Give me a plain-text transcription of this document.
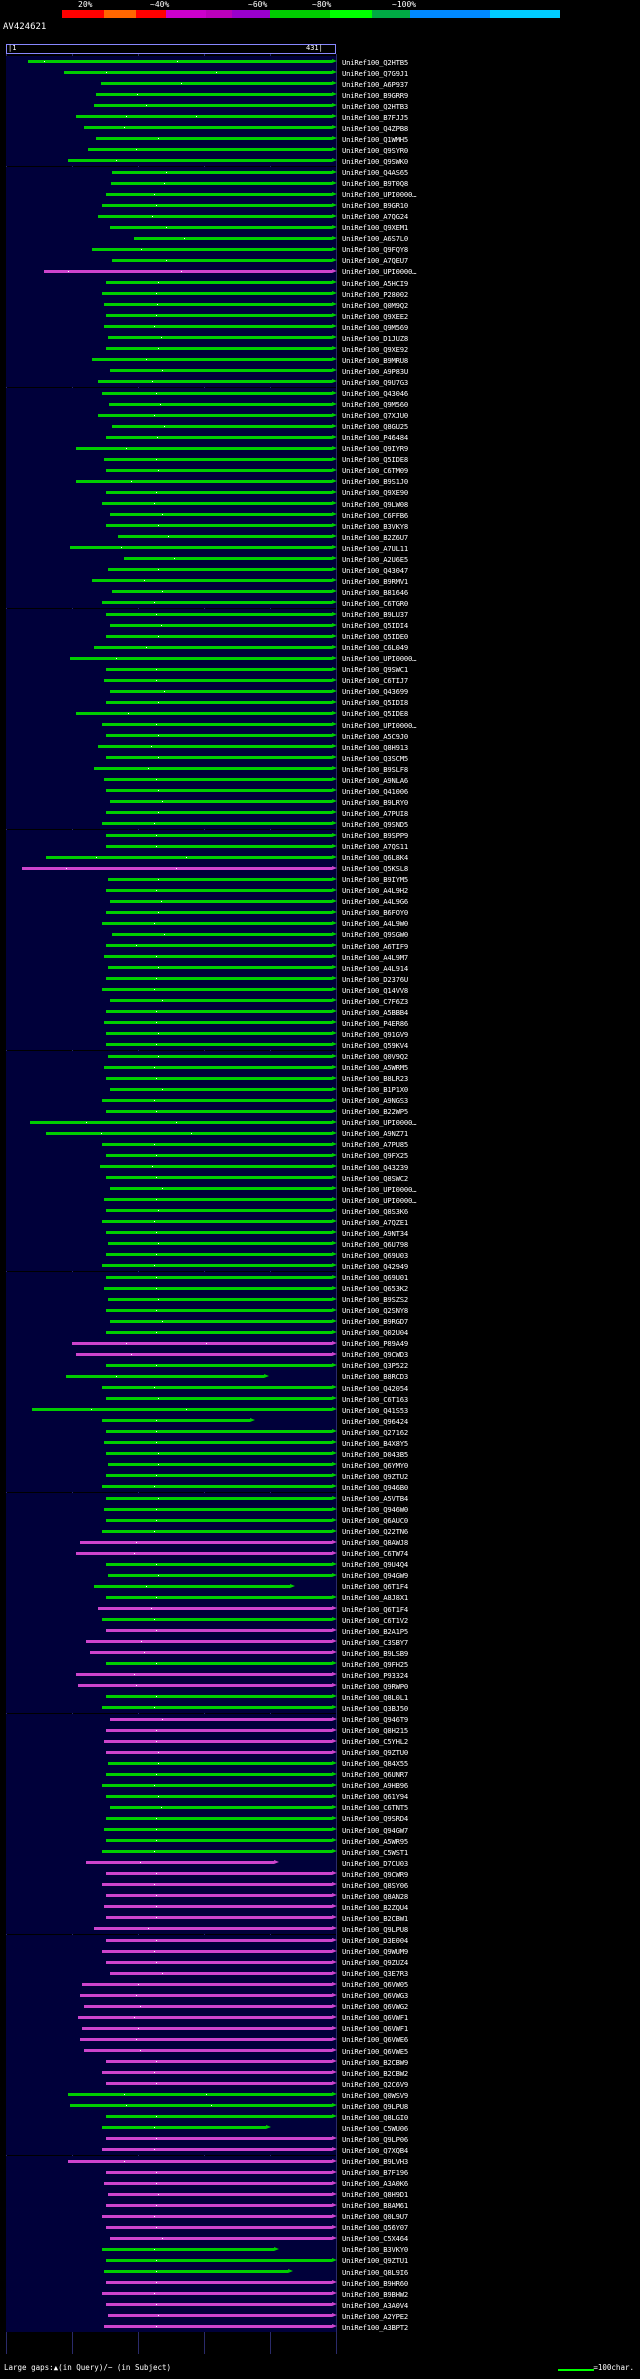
20%	~40%	~60%	~80%	~100%
AV424621
|1	431|
UniRef100_Q2HTB5
UniRef100_Q7G9J1
UniRef100_A6P937
UniRef100_B9GRR9
UniRef100_Q2HTB3
UniRef100_B7FJJ5
UniRef100_Q4ZPB8
UniRef100_Q1WMH5
UniRef100_Q9SYR0
UniRef100_Q9SWK0
UniRef100_Q4AS65
UniRef100_B9T0Q8
UniRef100_UPI0000…
UniRef100_B9GR10
UniRef100_A7QG24
UniRef100_Q9XEM1
UniRef100_A6S7L0
UniRef100_Q9FQY8
UniRef100_A7QEU7
UniRef100_UPI0000…
UniRef100_A5HCI9
UniRef100_P28002
UniRef100_Q0M9Q2
UniRef100_Q9XEE2
UniRef100_Q9M569
UniRef100_D1JUZ8
UniRef100_Q9XE92
UniRef100_B9MRU8
UniRef100_A9P83U
UniRef100_Q9U7G3
UniRef100_Q43046
UniRef100_Q9M560
UniRef100_Q7XJU0
UniRef100_Q8GU25
UniRef100_P46484
UniRef100_Q9IYR9
UniRef100_Q5IDE8
UniRef100_C6TM09
UniRef100_B9S1J0
UniRef100_Q9XE90
UniRef100_Q9LW08
UniRef100_C6FFB6
UniRef100_B3VKY8
UniRef100_B2Z6U7
UniRef100_A7UL11
UniRef100_A2U6E5
UniRef100_Q43047
UniRef100_B9RMV1
UniRef100_B81646
UniRef100_C6TGR0
UniRef100_B9LU37
UniRef100_Q5IDI4
UniRef100_Q5IDE0
UniRef100_C6L049
UniRef100_UPI0000…
UniRef100_Q9SWC1
UniRef100_C6TIJ7
UniRef100_Q43699
UniRef100_Q5IDI8
UniRef100_Q5IDE8
UniRef100_UPI0000…
UniRef100_A5C9J0
UniRef100_Q8H913
UniRef100_Q3SCM5
UniRef100_B9SLF8
UniRef100_A9NLA6
UniRef100_Q41006
UniRef100_B9LRY0
UniRef100_A7PUI8
UniRef100_Q9SND5
UniRef100_B9SPP9
UniRef100_A7QS11
UniRef100_Q6L8K4
UniRef100_Q5KSL8
UniRef100_B9IYM5
UniRef100_A4L9H2
UniRef100_A4L9G6
UniRef100_B6FOY0
UniRef100_A4L9W0
UniRef100_Q9SGW0
UniRef100_A6TIF9
UniRef100_A4L9M7
UniRef100_A4L914
UniRef100_D2376U
UniRef100_Q14VV8
UniRef100_C7F6Z3
UniRef100_A5BBB4
UniRef100_P4ER86
UniRef100_Q91GV9
UniRef100_Q59KV4
UniRef100_Q0V9Q2
UniRef100_A5WRM5
UniRef100_B8LR23
UniRef100_B1P1X0
UniRef100_A9NGS3
UniRef100_B22WP5
UniRef100_UPI0000…
UniRef100_A9NZ71
UniRef100_A7PU85
UniRef100_Q9FX25
UniRef100_Q43239
UniRef100_Q8SWC2
UniRef100_UPI0000…
UniRef100_UPI0000…
UniRef100_Q8S3K6
UniRef100_A7QZE1
UniRef100_A9NT34
UniRef100_Q6U798
UniRef100_Q69U03
UniRef100_Q42949
UniRef100_Q69U01
UniRef100_Q653K2
UniRef100_B9SZS2
UniRef100_Q2SNY8
UniRef100_B9RGD7
UniRef100_Q02U04
UniRef100_P89A49
UniRef100_Q9CWD3
UniRef100_Q3P522
UniRef100_B8RCD3
UniRef100_Q42054
UniRef100_C6T163
UniRef100_Q41S53
UniRef100_Q96424
UniRef100_Q27162
UniRef100_B4X8Y5
UniRef100_D043B5
UniRef100_Q6YMY0
UniRef100_Q9ZTU2
UniRef100_Q946B0
UniRef100_A5VTB4
UniRef100_Q946W0
UniRef100_Q6AUC0
UniRef100_Q22TN6
UniRef100_Q8AWJ8
UniRef100_C6TW74
UniRef100_Q9U4Q4
UniRef100_Q94GW9
UniRef100_Q6T1F4
UniRef100_A8J8X1
UniRef100_Q6T1F4
UniRef100_C6T1V2
UniRef100_B2A1P5
UniRef100_C3SBY7
UniRef100_B9LSB9
UniRef100_Q9FH25
UniRef100_P93324
UniRef100_Q9RWP0
UniRef100_Q8L0L1
UniRef100_Q3BJ50
UniRef100_Q946T9
UniRef100_Q8H215
UniRef100_C5YHL2
UniRef100_Q9ZTU0
UniRef100_Q84X55
UniRef100_Q6UNR7
UniRef100_A9HB96
UniRef100_Q61Y94
UniRef100_C6TNT5
UniRef100_Q9SRD4
UniRef100_Q94GW7
UniRef100_A5WR95
UniRef100_C5WST1
UniRef100_D7CU03
UniRef100_Q9CWR9
UniRef100_Q8SY06
UniRef100_Q8AN28
UniRef100_B2ZQU4
UniRef100_B2CBW1
UniRef100_Q9LPU8
UniRef100_D3E004
UniRef100_Q9WUM9
UniRef100_Q9ZUZ4
UniRef100_Q3E7R3
UniRef100_Q6VW05
UniRef100_Q6VWG3
UniRef100_Q6VWG2
UniRef100_Q6VWF1
UniRef100_Q6VWF1
UniRef100_Q6VWE6
UniRef100_Q6VWE5
UniRef100_B2CBW9
UniRef100_B2CBW2
UniRef100_Q2C6V9
UniRef100_Q0WSV9
UniRef100_Q9LPU8
UniRef100_Q8LGI0
UniRef100_C5WU06
UniRef100_Q9LP06
UniRef100_Q7XQB4
UniRef100_B9LVH3
UniRef100_B7F196
UniRef100_A3A0K6
UniRef100_Q8H9D1
UniRef100_B8AM61
UniRef100_Q0L9U7
UniRef100_Q56Y07
UniRef100_C5X464
UniRef100_B3VKY0
UniRef100_Q9ZTU1
UniRef100_Q8L9I6
UniRef100_B9HR60
UniRef100_B9BHW2
UniRef100_A3A0V4
UniRef100_A2YPE2
UniRef100_A3BPT2
Large gaps:▲(in Query)/− (in Subject)	=100char.
